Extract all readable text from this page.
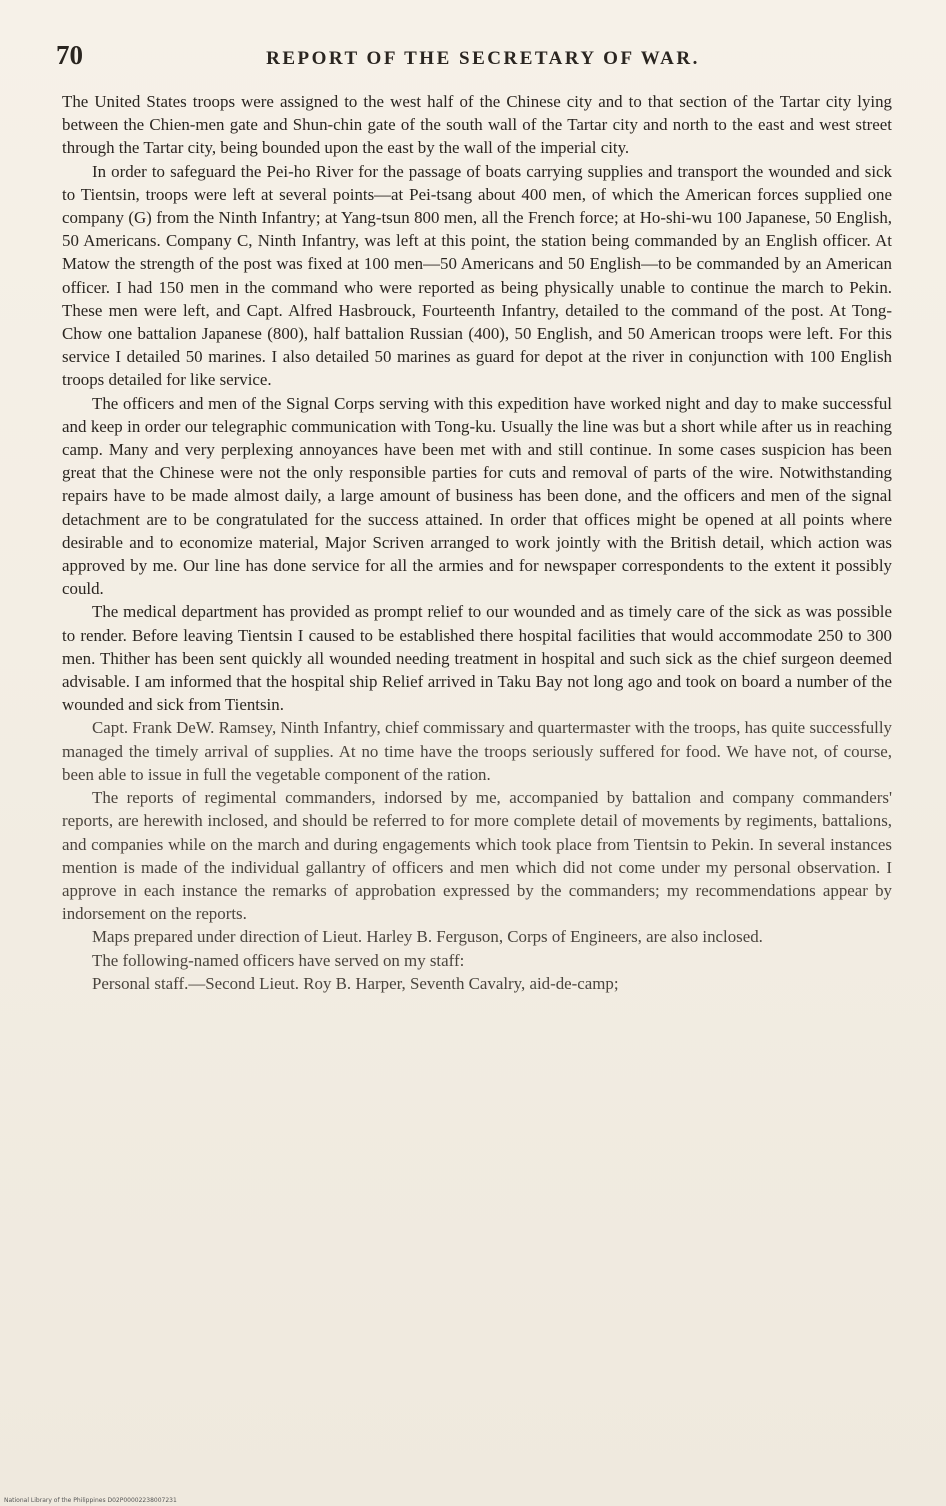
70	REPORT OF THE SECRETARY OF WAR.

The United States troops were assigned to the west half of the Chinese city and to that section of the Tartar city lying between the Chien-men gate and Shun-chin gate of the south wall of the Tartar city and north to the east and west street through the Tartar city, being bounded upon the east by the wall of the imperial city.

In order to safeguard the Pei-ho River for the passage of boats carrying supplies and transport the wounded and sick to Tientsin, troops were left at several points—at Pei-tsang about 400 men, of which the American forces supplied one company (G) from the Ninth Infantry; at Yang-tsun 800 men, all the French force; at Ho-shi-wu 100 Japanese, 50 English, 50 Americans. Company C, Ninth Infantry, was left at this point, the station being commanded by an English officer. At Matow the strength of the post was fixed at 100 men—50 Americans and 50 English—to be commanded by an American officer. I had 150 men in the command who were reported as being physically unable to continue the march to Pekin. These men were left, and Capt. Alfred Hasbrouck, Fourteenth Infantry, detailed to the command of the post. At Tong-Chow one battalion Japanese (800), half battalion Russian (400), 50 English, and 50 American troops were left. For this service I detailed 50 marines. I also detailed 50 marines as guard for depot at the river in conjunction with 100 English troops detailed for like service.

The officers and men of the Signal Corps serving with this expedition have worked night and day to make successful and keep in order our telegraphic communication with Tong-ku. Usually the line was but a short while after us in reaching camp. Many and very perplexing annoyances have been met with and still continue. In some cases suspicion has been great that the Chinese were not the only responsible parties for cuts and removal of parts of the wire. Notwithstanding repairs have to be made almost daily, a large amount of business has been done, and the officers and men of the signal detachment are to be congratulated for the success attained. In order that offices might be opened at all points where desirable and to economize material, Major Scriven arranged to work jointly with the British detail, which action was approved by me. Our line has done service for all the armies and for newspaper correspondents to the extent it possibly could.

The medical department has provided as prompt relief to our wounded and as timely care of the sick as was possible to render. Before leaving Tientsin I caused to be established there hospital facilities that would accommodate 250 to 300 men. Thither has been sent quickly all wounded needing treatment in hospital and such sick as the chief surgeon deemed advisable. I am informed that the hospital ship Relief arrived in Taku Bay not long ago and took on board a number of the wounded and sick from Tientsin.

Capt. Frank DeW. Ramsey, Ninth Infantry, chief commissary and quartermaster with the troops, has quite successfully managed the timely arrival of supplies. At no time have the troops seriously suffered for food. We have not, of course, been able to issue in full the vegetable component of the ration.

The reports of regimental commanders, indorsed by me, accompanied by battalion and company commanders' reports, are herewith inclosed, and should be referred to for more complete detail of movements by regiments, battalions, and companies while on the march and during engagements which took place from Tientsin to Pekin. In several instances mention is made of the individual gallantry of officers and men which did not come under my personal observation. I approve in each instance the remarks of approbation expressed by the commanders; my recommendations appear by indorsement on the reports.

Maps prepared under direction of Lieut. Harley B. Ferguson, Corps of Engineers, are also inclosed.

The following-named officers have served on my staff:

Personal staff.—Second Lieut. Roy B. Harper, Seventh Cavalry, aid-de-camp;

National Library of the Philippines D02P00002238007231
